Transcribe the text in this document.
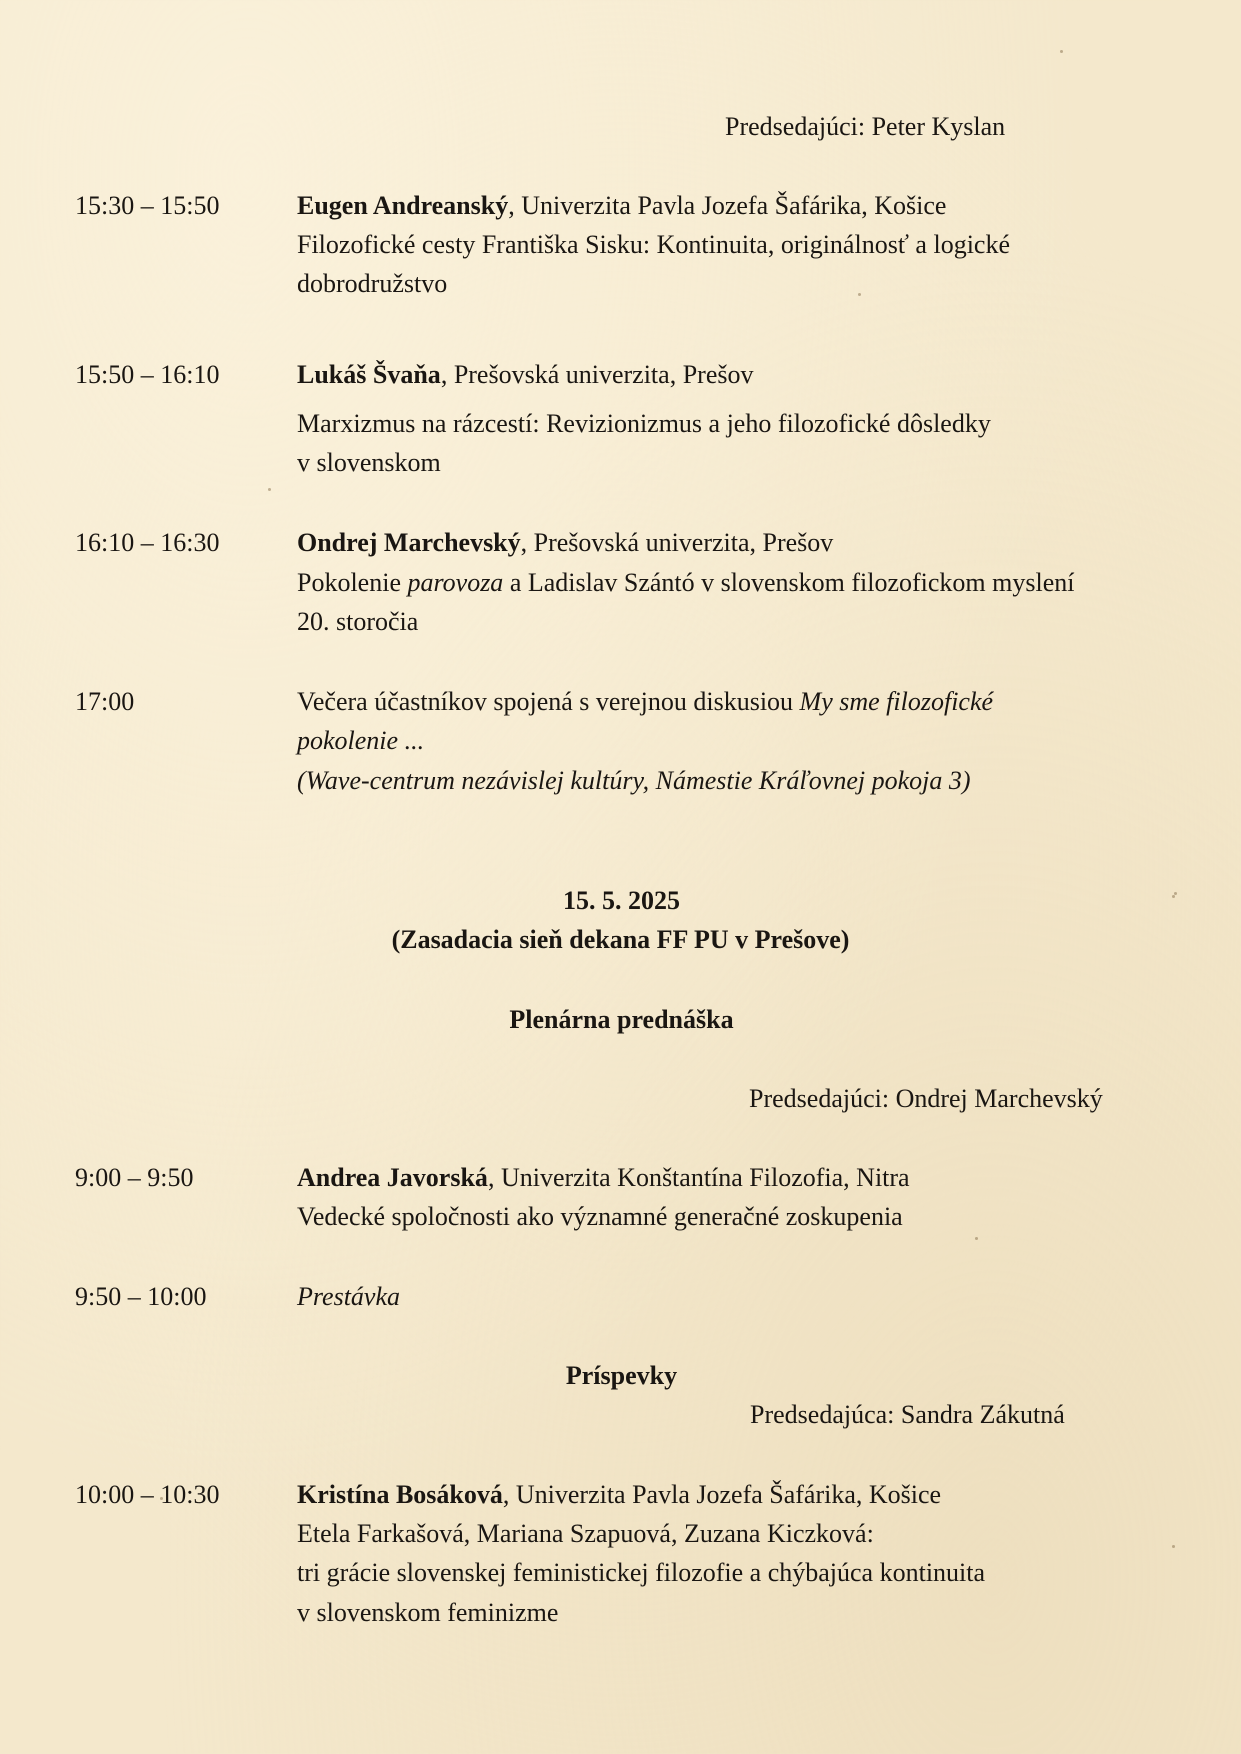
Predsedajúci: Peter Kyslan
15:30 – 15:50	Eugen Andreanský, Univerzita Pavla Jozefa Šafárika, Košice
Filozofické cesty Františka Sisku: Kontinuita, originálnosť a logické
dobrodružstvo
15:50 – 16:10	Lukáš Švaňa, Prešovská univerzita, Prešov
Marxizmus na rázcestí: Revizionizmus a jeho filozofické dôsledky
v slovenskom
16:10 – 16:30	Ondrej Marchevský, Prešovská univerzita, Prešov
Pokolenie parovoza a Ladislav Szántó v slovenskom filozofickom myslení
20. storočia
17:00	Večera účastníkov spojená s verejnou diskusiou My sme filozofické
pokolenie ...
(Wave-centrum nezávislej kultúry, Námestie Kráľovnej pokoja 3)
15. 5. 2025
(Zasadacia sieň dekana FF PU v Prešove)
Plenárna prednáška
Predsedajúci: Ondrej Marchevský
9:00 – 9:50	Andrea Javorská, Univerzita Konštantína Filozofia, Nitra
Vedecké spoločnosti ako významné generačné zoskupenia
9:50 – 10:00	Prestávka
Príspevky
Predsedajúca: Sandra Zákutná
10:00 – 10:30	Kristína Bosáková, Univerzita Pavla Jozefa Šafárika, Košice
Etela Farkašová, Mariana Szapuová, Zuzana Kiczková:
tri grácie slovenskej feministickej filozofie a chýbajúca kontinuita
v slovenskom feminizme
